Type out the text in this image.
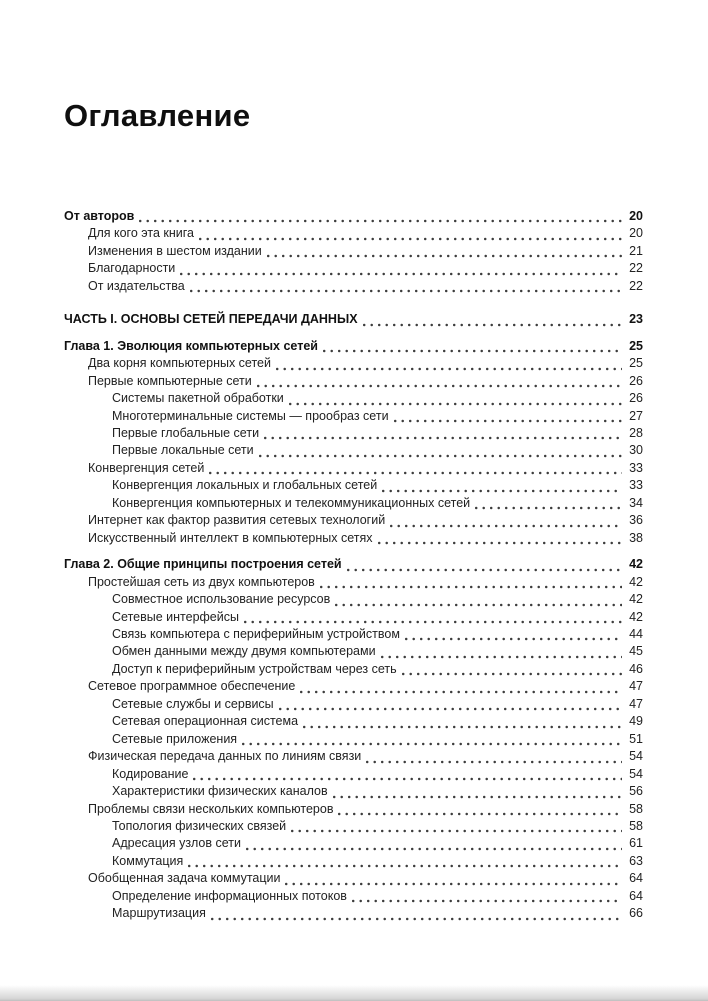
Оглавление
От авторов	20
Для кого эта книга	20
Изменения в шестом издании	21
Благодарности	22
От издательства	22
ЧАСТЬ I. ОСНОВЫ СЕТЕЙ ПЕРЕДАЧИ ДАННЫХ	23
Глава 1. Эволюция компьютерных сетей	25
Два корня компьютерных сетей	25
Первые компьютерные сети	26
Системы пакетной обработки	26
Многотерминальные системы — прообраз сети	27
Первые глобальные сети	28
Первые локальные сети	30
Конвергенция сетей	33
Конвергенция локальных и глобальных сетей	33
Конвергенция компьютерных и телекоммуникационных сетей	34
Интернет как фактор развития сетевых технологий	36
Искусственный интеллект в компьютерных сетях	38
Глава 2. Общие принципы построения сетей	42
Простейшая сеть из двух компьютеров	42
Совместное использование ресурсов	42
Сетевые интерфейсы	42
Связь компьютера с периферийным устройством	44
Обмен данными между двумя компьютерами	45
Доступ к периферийным устройствам через сеть	46
Сетевое программное обеспечение	47
Сетевые службы и сервисы	47
Сетевая операционная система	49
Сетевые приложения	51
Физическая передача данных по линиям связи	54
Кодирование	54
Характеристики физических каналов	56
Проблемы связи нескольких компьютеров	58
Топология физических связей	58
Адресация узлов сети	61
Коммутация	63
Обобщенная задача коммутации	64
Определение информационных потоков	64
Маршрутизация	66
